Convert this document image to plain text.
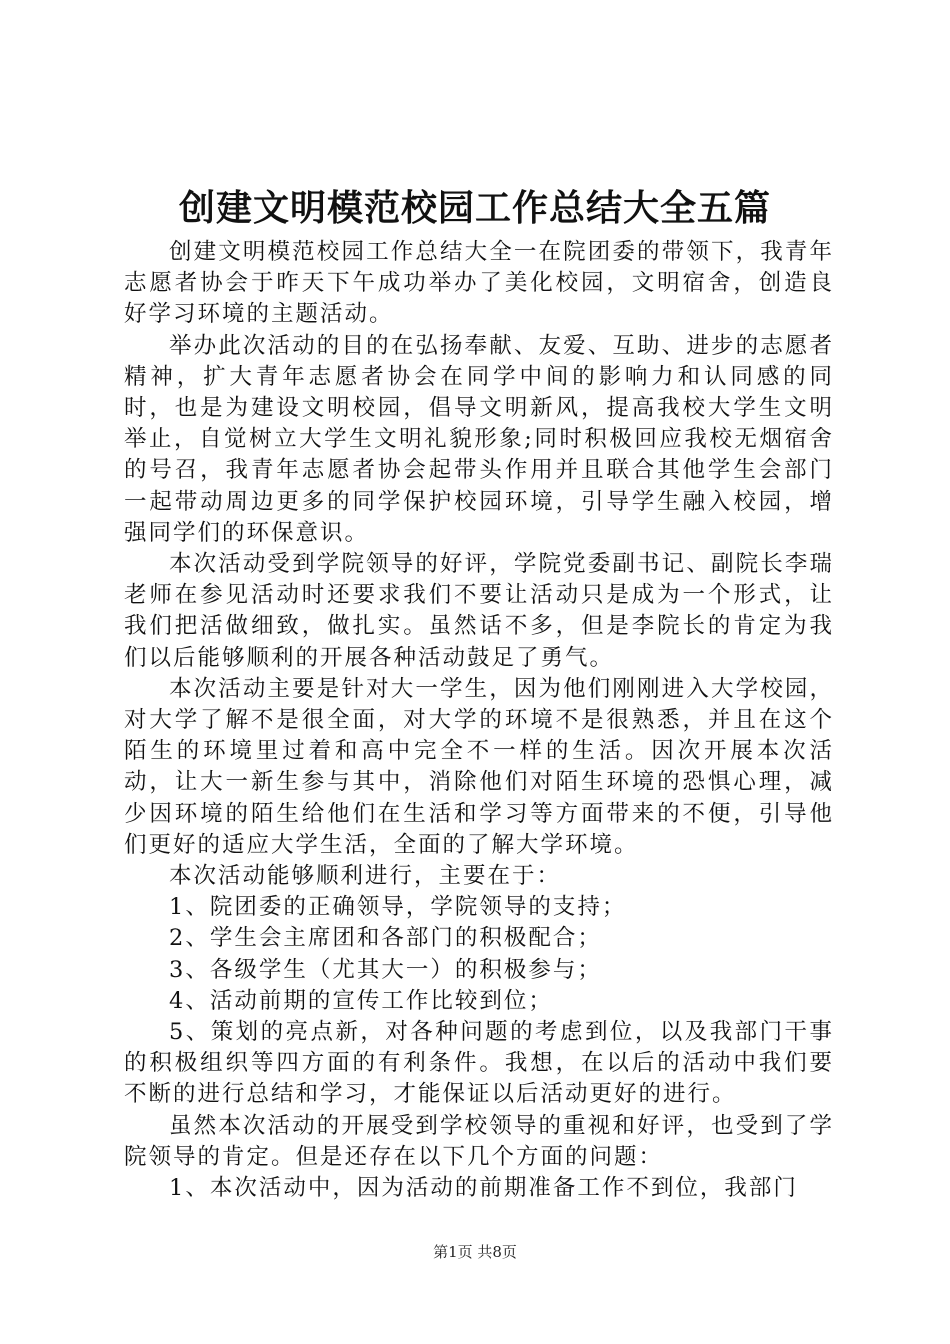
创建文明模范校园工作总结大全五篇

创建文明模范校园工作总结大全一在院团委的带领下，我青年志愿者协会于昨天下午成功举办了美化校园，文明宿舍，创造良好学习环境的主题活动。

举办此次活动的目的在弘扬奉献、友爱、互助、进步的志愿者精神，扩大青年志愿者协会在同学中间的影响力和认同感的同时，也是为建设文明校园，倡导文明新风，提高我校大学生文明举止，自觉树立大学生文明礼貌形象;同时积极回应我校无烟宿舍的号召，我青年志愿者协会起带头作用并且联合其他学生会部门一起带动周边更多的同学保护校园环境，引导学生融入校园，增强同学们的环保意识。

本次活动受到学院领导的好评，学院党委副书记、副院长李瑞老师在参见活动时还要求我们不要让活动只是成为一个形式，让我们把活做细致，做扎实。虽然话不多，但是李院长的肯定为我们以后能够顺利的开展各种活动鼓足了勇气。

本次活动主要是针对大一学生，因为他们刚刚进入大学校园，对大学了解不是很全面，对大学的环境不是很熟悉，并且在这个陌生的环境里过着和高中完全不一样的生活。因次开展本次活动，让大一新生参与其中，消除他们对陌生环境的恐惧心理，减少因环境的陌生给他们在生活和学习等方面带来的不便，引导他们更好的适应大学生活，全面的了解大学环境。

本次活动能够顺利进行，主要在于：

1、院团委的正确领导，学院领导的支持；

2、学生会主席团和各部门的积极配合；

3、各级学生（尤其大一）的积极参与；

4、活动前期的宣传工作比较到位；

5、策划的亮点新，对各种问题的考虑到位，以及我部门干事的积极组织等四方面的有利条件。我想，在以后的活动中我们要不断的进行总结和学习，才能保证以后活动更好的进行。

虽然本次活动的开展受到学校领导的重视和好评，也受到了学院领导的肯定。但是还存在以下几个方面的问题：

1、本次活动中，因为活动的前期准备工作不到位，我部门

第1页 共8页
